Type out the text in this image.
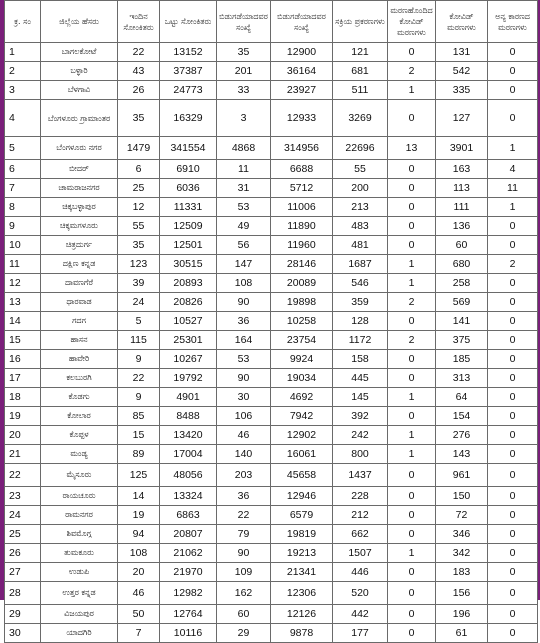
ಕ್ರ. ಸಂ	ಜಿಲ್ಲೆಯ ಹೆಸರು	ಇಂದಿನ ಸೋಂಕಿತರು	ಒಟ್ಟು ಸೋಂಕಿತರು	ಬಿಡುಗಡೆಯಾದವರ ಸಂಖ್ಯೆ	ಬಿಡುಗಡೆಯಾದವರ ಸಂಖ್ಯೆ	ಸಕ್ರಿಯ ಪ್ರಕರಣಗಳು	ಮರಣಹೊಂದಿದ ಕೋವಿಡ್ ಮರಣಗಳು	ಕೋವಿಡ್ ಮರಣಗಳು	ಅನ್ಯ ಕಾರಣದ ಮರಣಗಳು
1	ಬಾಗಲಕೋಟೆ	22	13152	35	12900	121	0	131	0
2	ಬಳ್ಳಾರಿ	43	37387	201	36164	681	2	542	0
3	ಬೆಳಗಾವಿ	26	24773	33	23927	511	1	335	0
4	ಬೆಂಗಳೂರು ಗ್ರಾಮಾಂತರ	35	16329	3	12933	3269	0	127	0
5	ಬೆಂಗಳೂರು ನಗರ	1479	341554	4868	314956	22696	13	3901	1
6	ಬೀದರ್	6	6910	11	6688	55	0	163	4
7	ಚಾಮರಾಜನಗರ	25	6036	31	5712	200	0	113	11
8	ಚಿಕ್ಕಬಳ್ಳಾಪುರ	12	11331	53	11006	213	0	111	1
9	ಚಿಕ್ಕಮಗಳೂರು	55	12509	49	11890	483	0	136	0
10	ಚಿತ್ರದುರ್ಗ	35	12501	56	11960	481	0	60	0
11	ದಕ್ಷಿಣ ಕನ್ನಡ	123	30515	147	28146	1687	1	680	2
12	ದಾವಣಗೆರೆ	39	20893	108	20089	546	1	258	0
13	ಧಾರವಾಡ	24	20826	90	19898	359	2	569	0
14	ಗದಗ	5	10527	36	10258	128	0	141	0
15	ಹಾಸನ	115	25301	164	23754	1172	2	375	0
16	ಹಾವೇರಿ	9	10267	53	9924	158	0	185	0
17	ಕಲಬುರಗಿ	22	19792	90	19034	445	0	313	0
18	ಕೊಡಗು	9	4901	30	4692	145	1	64	0
19	ಕೋಲಾರ	85	8488	106	7942	392	0	154	0
20	ಕೊಪ್ಪಳ	15	13420	46	12902	242	1	276	0
21	ಮಂಡ್ಯ	89	17004	140	16061	800	1	143	0
22	ಮೈಸೂರು	125	48056	203	45658	1437	0	961	0
23	ರಾಯಚೂರು	14	13324	36	12946	228	0	150	0
24	ರಾಮನಗರ	19	6863	22	6579	212	0	72	0
25	ಶಿವಮೊಗ್ಗ	94	20807	79	19819	662	0	346	0
26	ತುಮಕೂರು	108	21062	90	19213	1507	1	342	0
27	ಉಡುಪಿ	20	21970	109	21341	446	0	183	0
28	ಉತ್ತರ ಕನ್ನಡ	46	12982	162	12306	520	0	156	0
29	ವಿಜಯಪುರ	50	12764	60	12126	442	0	196	0
30	ಯಾದಗಿರಿ	7	10116	29	9878	177	0	61	0
